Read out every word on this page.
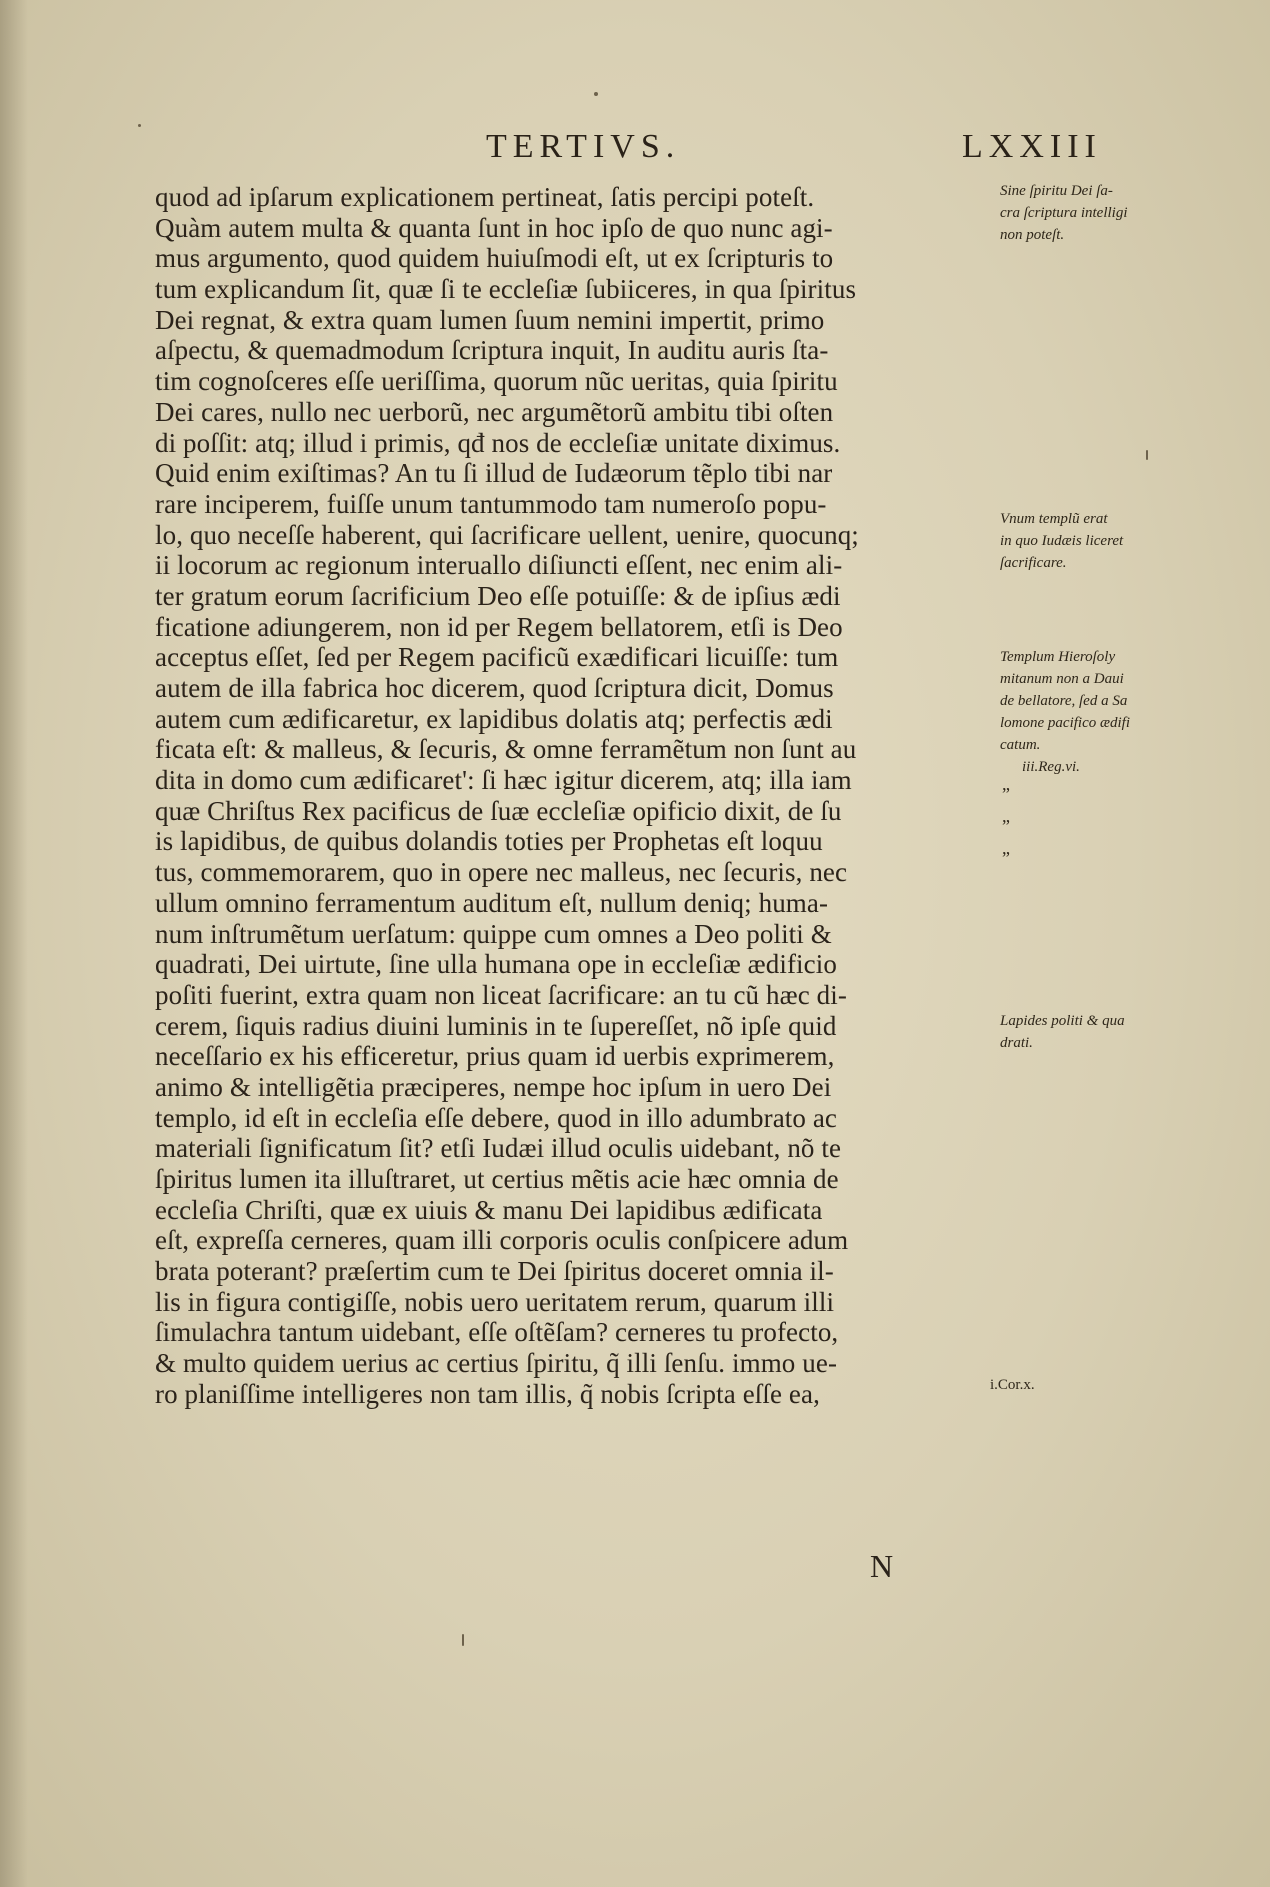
TERTIVS.	LXXIII
quod ad ipſarum explicationem pertineat, ſatis percipi poteſt.
Quàm autem multa & quanta ſunt in hoc ipſo de quo nunc agi-
mus argumento, quod quidem huiuſmodi eſt, ut ex ſcripturis to
tum explicandum ſit, quæ ſi te eccleſiæ ſubiiceres, in qua ſpiritus
Dei regnat, & extra quam lumen ſuum nemini impertit, primo
aſpectu, & quemadmodum ſcriptura inquit, In auditu auris ſta-
tim cognoſceres eſſe ueriſſima, quorum nũc ueritas, quia ſpiritu
Dei cares, nullo nec uerborũ, nec argumẽtorũ ambitu tibi oſten
di poſſit: atq; illud i primis, qđ nos de eccleſiæ unitate diximus.
Quid enim exiſtimas? An tu ſi illud de Iudæorum tẽplo tibi nar
rare inciperem, fuiſſe unum tantummodo tam numeroſo popu-
lo, quo neceſſe haberent, qui ſacrificare uellent, uenire, quocunq;
ii locorum ac regionum interuallo diſiuncti eſſent, nec enim ali-
ter gratum eorum ſacrificium Deo eſſe potuiſſe: & de ipſius ædi
ficatione adiungerem, non id per Regem bellatorem, etſi is Deo
acceptus eſſet, ſed per Regem pacificũ exædificari licuiſſe: tum
autem de illa fabrica hoc dicerem, quod ſcriptura dicit, Domus
autem cum ædificaretur, ex lapidibus dolatis atq; perfectis ædi
ficata eſt: & malleus, & ſecuris, & omne ferramẽtum non ſunt au
dita in domo cum ædificaret': ſi hæc igitur dicerem, atq; illa iam
quæ Chriſtus Rex pacificus de ſuæ eccleſiæ opificio dixit, de ſu
is lapidibus, de quibus dolandis toties per Prophetas eſt loquu
tus, commemorarem, quo in opere nec malleus, nec ſecuris, nec
ullum omnino ferramentum auditum eſt, nullum deniq; huma-
num inſtrumẽtum uerſatum: quippe cum omnes a Deo politi &
quadrati, Dei uirtute, ſine ulla humana ope in eccleſiæ ædificio
poſiti fuerint, extra quam non liceat ſacrificare: an tu cũ hæc di-
cerem, ſiquis radius diuini luminis in te ſupereſſet, nõ ipſe quid
neceſſario ex his efficeretur, prius quam id uerbis exprimerem,
animo & intelligẽtia præciperes, nempe hoc ipſum in uero Dei
templo, id eſt in eccleſia eſſe debere, quod in illo adumbrato ac
materiali ſignificatum ſit? etſi Iudæi illud oculis uidebant, nõ te
ſpiritus lumen ita illuſtraret, ut certius mẽtis acie hæc omnia de
eccleſia Chriſti, quæ ex uiuis & manu Dei lapidibus ædificata
eſt, expreſſa cerneres, quam illi corporis oculis conſpicere adum
brata poterant? præſertim cum te Dei ſpiritus doceret omnia il-
lis in figura contigiſſe, nobis uero ueritatem rerum, quarum illi
ſimulachra tantum uidebant, eſſe oſtẽſam? cerneres tu profecto,
& multo quidem uerius ac certius ſpiritu, q̃ illi ſenſu. immo ue-
ro planiſſime intelligeres non tam illis, q̃ nobis ſcripta eſſe ea,
N
Sine ſpiritu Dei ſa-
cra ſcriptura intelligi
non poteſt.
Vnum templũ erat
in quo Iudæis liceret
ſacrificare.
Templum Hieroſoly
mitanum non a Daui
de bellatore, ſed a Sa
lomone pacifico ædifi
catum.
iii.Reg.vi.
„
„
„
Lapides politi & qua
drati.
i.Cor.x.
